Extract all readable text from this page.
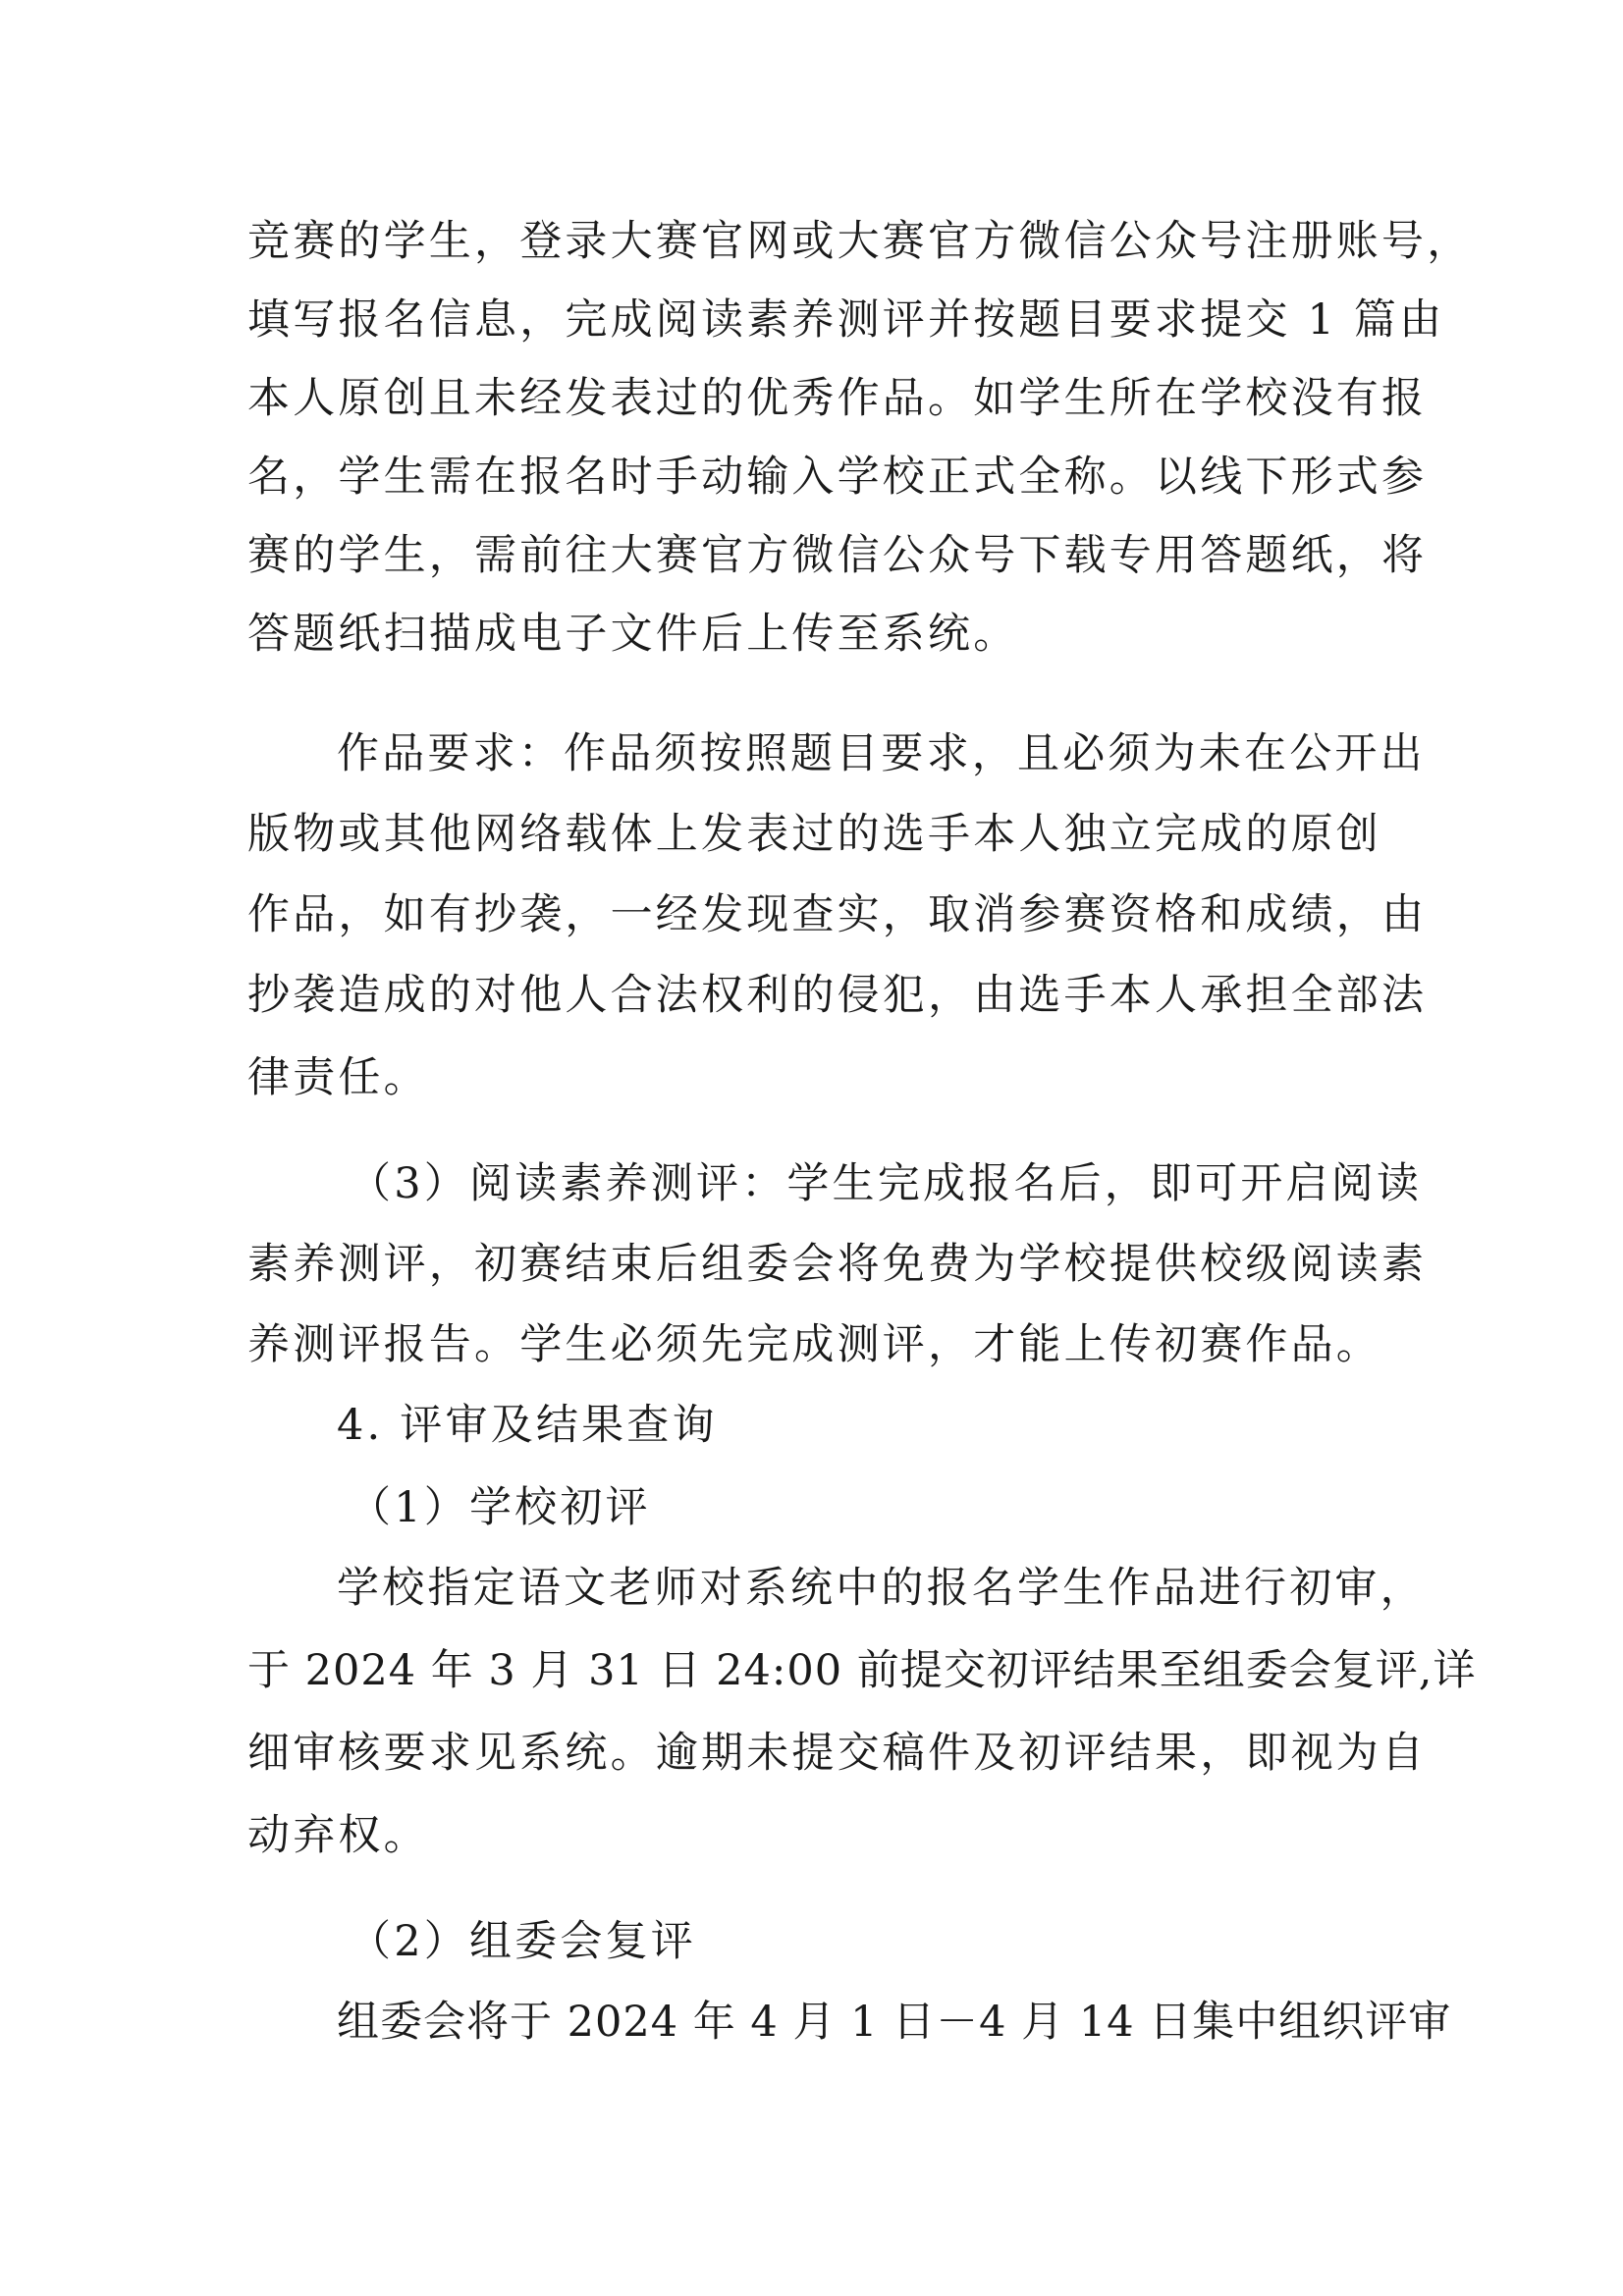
竞赛的学生，登录大赛官网或大赛官方微信公众号注册账号，
填写报名信息，完成阅读素养测评并按题目要求提交 1 篇由
本人原创且未经发表过的优秀作品。如学生所在学校没有报
名，学生需在报名时手动输入学校正式全称。以线下形式参
赛的学生，需前往大赛官方微信公众号下载专用答题纸，将
答题纸扫描成电子文件后上传至系统。
作品要求：作品须按照题目要求，且必须为未在公开出
版物或其他网络载体上发表过的选手本人独立完成的原创
作品，如有抄袭，一经发现查实，取消参赛资格和成绩，由
抄袭造成的对他人合法权利的侵犯，由选手本人承担全部法
律责任。
（3）阅读素养测评：学生完成报名后，即可开启阅读
素养测评，初赛结束后组委会将免费为学校提供校级阅读素
养测评报告。学生必须先完成测评，才能上传初赛作品。
4. 评审及结果查询
（1）学校初评
学校指定语文老师对系统中的报名学生作品进行初审，
于 2024 年 3 月 31 日 24:00 前提交初评结果至组委会复评,详
细审核要求见系统。逾期未提交稿件及初评结果，即视为自
动弃权。
（2）组委会复评
组委会将于 2024 年 4 月 1 日－4 月 14 日集中组织评审
